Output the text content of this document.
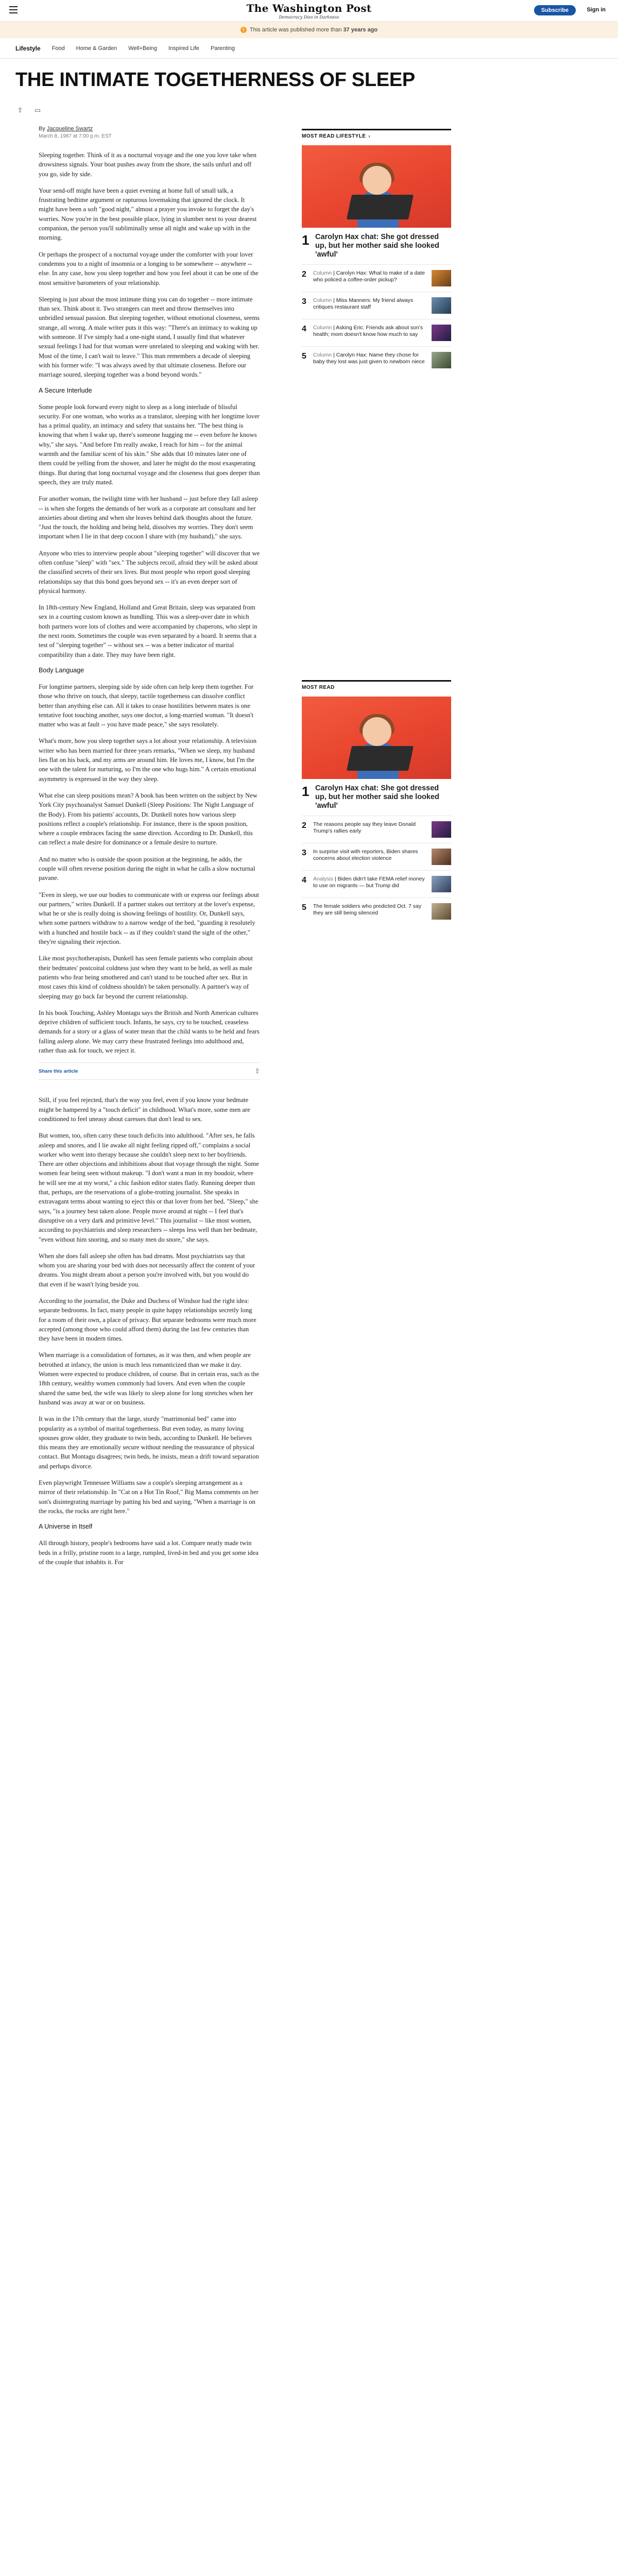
The Washington Post
Democracy Dies in Darkness
Subscribe	Sign in
! This article was published more than 37 years ago
Lifestyle Food Home & Garden Well+Being Inspired Life Parenting
THE INTIMATE TOGETHERNESS OF SLEEP
⇪ ▭
By Jacqueline Swartz
March 8, 1987 at 7:00 p.m. EST

Sleeping together. Think of it as a nocturnal voyage and the one you love take when drowsiness signals. Your boat pushes away from the shore, the sails unfurl and off you go, side by side.

Your send-off might have been a quiet evening at home full of small talk, a frustrating bedtime argument or rapturous lovemaking that ignored the clock. It might have been a soft "good night," almost a prayer you invoke to forget the day's worries. Now you're in the best possible place, lying in slumber next to your dearest companion, the person you'll subliminally sense all night and wake up with in the morning.

Or perhaps the prospect of a nocturnal voyage under the comforter with your lover condemns you to a night of insomnia or a longing to be somewhere -- anywhere -- else. In any case, how you sleep together and how you feel about it can be one of the most sensitive barometers of your relationship.

Sleeping is just about the most intimate thing you can do together -- more intimate than sex. Think about it. Two strangers can meet and throw themselves into unbridled sensual passion. But sleeping together, without emotional closeness, seems strange, all wrong. A male writer puts it this way: "There's an intimacy to waking up with someone. If I've simply had a one-night stand, I usually find that whatever sexual feelings I had for that woman were unrelated to sleeping and waking with her. Most of the time, I can't wait to leave." This man remembers a decade of sleeping with his former wife: "I was always awed by that ultimate closeness. Before our marriage soured, sleeping together was a bond beyond words."

A Secure Interlude

Some people look forward every night to sleep as a long interlude of blissful security. For one woman, who works as a translator, sleeping with her longtime lover has a primal quality, an intimacy and safety that sustains her. "The best thing is knowing that when I wake up, there's someone hugging me -- even before he knows why," she says. "And before I'm really awake, I reach for him -- for the animal warmth and the familiar scent of his skin." She adds that 10 minutes later one of them could be yelling from the shower, and later he might do the most exasperating things. But during that long nocturnal voyage and the closeness that goes deeper than speech, they are truly mated.

For another woman, the twilight time with her husband -- just before they fall asleep -- is when she forgets the demands of her work as a corporate art consultant and her anxieties about dieting and when she leaves behind dark thoughts about the future. "Just the touch, the holding and being held, dissolves my worries. They don't seem important when I lie in that deep cocoon I share with (my husband)," she says.

Anyone who tries to interview people about "sleeping together" will discover that we often confuse "sleep" with "sex." The subjects recoil, afraid they will be asked about the classified secrets of their sex lives. But most people who report good sleeping relationships say that this bond goes beyond sex -- it's an even deeper sort of physical harmony.

In 18th-century New England, Holland and Great Britain, sleep was separated from sex in a courting custom known as bundling. This was a sleep-over date in which both partners wore lots of clothes and were accompanied by chaperons, who slept in the next room. Sometimes the couple was even separated by a board. It seems that a test of "sleeping together" -- without sex -- was a better indicator of marital compatibility than a date. They may have been right.

Body Language

For longtime partners, sleeping side by side often can help keep them together. For those who thrive on touch, that sleepy, tactile togetherness can dissolve conflict better than anything else can. All it takes to cease hostilities between mates is one tentative foot touching another, says one doctor, a long-married woman. "It doesn't matter who was at fault -- you have made peace," she says resolutely.

What's more, how you sleep together says a lot about your relationship. A television writer who has been married for three years remarks, "When we sleep, my husband lies flat on his back, and my arms are around him. He loves me, I know, but I'm the one with the talent for nurturing, so I'm the one who hugs him." A certain emotional asymmetry is expressed in the way they sleep.

What else can sleep positions mean? A book has been written on the subject by New York City psychoanalyst Samuel Dunkell (Sleep Positions: The Night Language of the Body). From his patients' accounts, Dr. Dunkell notes how various sleep positions reflect a couple's relationship. For instance, there is the spoon position, where a couple embraces facing the same direction. According to Dr. Dunkell, this can reflect a male desire for dominance or a female desire to nurture.

And no matter who is outside the spoon position at the beginning, he adds, the couple will often reverse position during the night in what he calls a slow nocturnal pavane.

"Even in sleep, we use our bodies to communicate with or express our feelings about our partners," writes Dunkell. If a partner stakes out territory at the lover's expense, what he or she is really doing is showing feelings of hostility. Or, Dunkell says, when some partners withdraw to a narrow wedge of the bed, "guarding it resolutely with a hunched and hostile back -- as if they couldn't stand the sight of the other," they're signaling their rejection.

Like most psychotherapists, Dunkell has seen female patients who complain about their bedmates' postcoital coldness just when they want to be held, as well as male patients who fear being smothered and can't stand to be touched after sex. But in most cases this kind of coldness shouldn't be taken personally. A partner's way of sleeping may go back far beyond the current relationship.

In his book Touching, Ashley Montagu says the British and North American cultures deprive children of sufficient touch. Infants, he says, cry to be touched, ceaseless demands for a story or a glass of water mean that the child wants to be held and fears falling asleep alone. We may carry these frustrated feelings into adulthood and, rather than ask for touch, we reject it.

Share this article	⇪

Still, if you feel rejected, that's the way you feel, even if you know your bedmate might be hampered by a "touch deficit" in childhood. What's more, some men are conditioned to feel uneasy about caresses that don't lead to sex.

But women, too, often carry these touch deficits into adulthood. "After sex, he falls asleep and snores, and I lie awake all night feeling ripped off," complains a social worker who went into therapy because she couldn't sleep next to her boyfriends. There are other objections and inhibitions about that voyage through the night. Some women fear being seen without makeup. "I don't want a man in my boudoir, where he will see me at my worst," a chic fashion editor states flatly. Running deeper than that, perhaps, are the reservations of a globe-trotting journalist. She speaks in extravagant terms about wanting to eject this or that lover from her bed. "Sleep," she says, "is a journey best taken alone. People move around at night -- I feel that's disruptive on a very dark and primitive level." This journalist -- like most women, according to psychiatrists and sleep researchers -- sleeps less well than her bedmate, "even without him snoring, and so many men do snore," she says.

When she does fall asleep she often has bad dreams. Most psychiatrists say that whom you are sharing your bed with does not necessarily affect the content of your dreams. You might dream about a person you're involved with, but you would do that even if he wasn't lying beside you.

According to the journalist, the Duke and Duchess of Windsor had the right idea: separate bedrooms. In fact, many people in quite happy relationships secretly long for a room of their own, a place of privacy. But separate bedrooms were much more accepted (among those who could afford them) during the last few centuries than they have been in modern times.

When marriage is a consolidation of fortunes, as it was then, and when people are betrothed at infancy, the union is much less romanticized than we make it day. Women were expected to produce children, of course. But in certain eras, such as the 18th century, wealthy women commonly had lovers. And even when the couple shared the same bed, the wife was likely to sleep alone for long stretches when her husband was away at war or on business.

It was in the 17th century that the large, sturdy "matrimonial bed" came into popularity as a symbol of marital togetherness. But even today, as many loving spouses grow older, they graduate to twin beds, according to Dunkell. He believes this means they are emotionally secure without needing the reassurance of physical contact. But Montagu disagrees; twin beds, he insists, mean a drift toward separation and perhaps divorce.

Even playwright Tennessee Williams saw a couple's sleeping arrangement as a mirror of their relationship. In "Cat on a Hot Tin Roof," Big Mama comments on her son's disintegrating marriage by patting his bed and saying, "When a marriage is on the rocks, the rocks are right here."

A Universe in Itself

All through history, people's bedrooms have said a lot. Compare neatly made twin beds in a frilly, pristine room to a large, rumpled, lived-in bed and you get some idea of the couple that inhabits it. For

MOST READ LIFESTYLE ›
1 Carolyn Hax chat: She got dressed up, but her mother said she looked 'awful'
2	Column | Carolyn Hax: What to make of a date who policed a coffee-order pickup?
3	Column | Miss Manners: My friend always critiques restaurant staff
4	Column | Asking Eric: Friends ask about son's health; mom doesn't know how much to say
5	Column | Carolyn Hax: Name they chose for baby they lost was just given to newborn niece
MOST READ
1 Carolyn Hax chat: She got dressed up, but her mother said she looked 'awful'
2	The reasons people say they leave Donald Trump's rallies early
3	In surprise visit with reporters, Biden shares concerns about election violence
4	Analysis | Biden didn't take FEMA relief money to use on migrants — but Trump did
5	The female soldiers who predicted Oct. 7 say they are still being silenced
